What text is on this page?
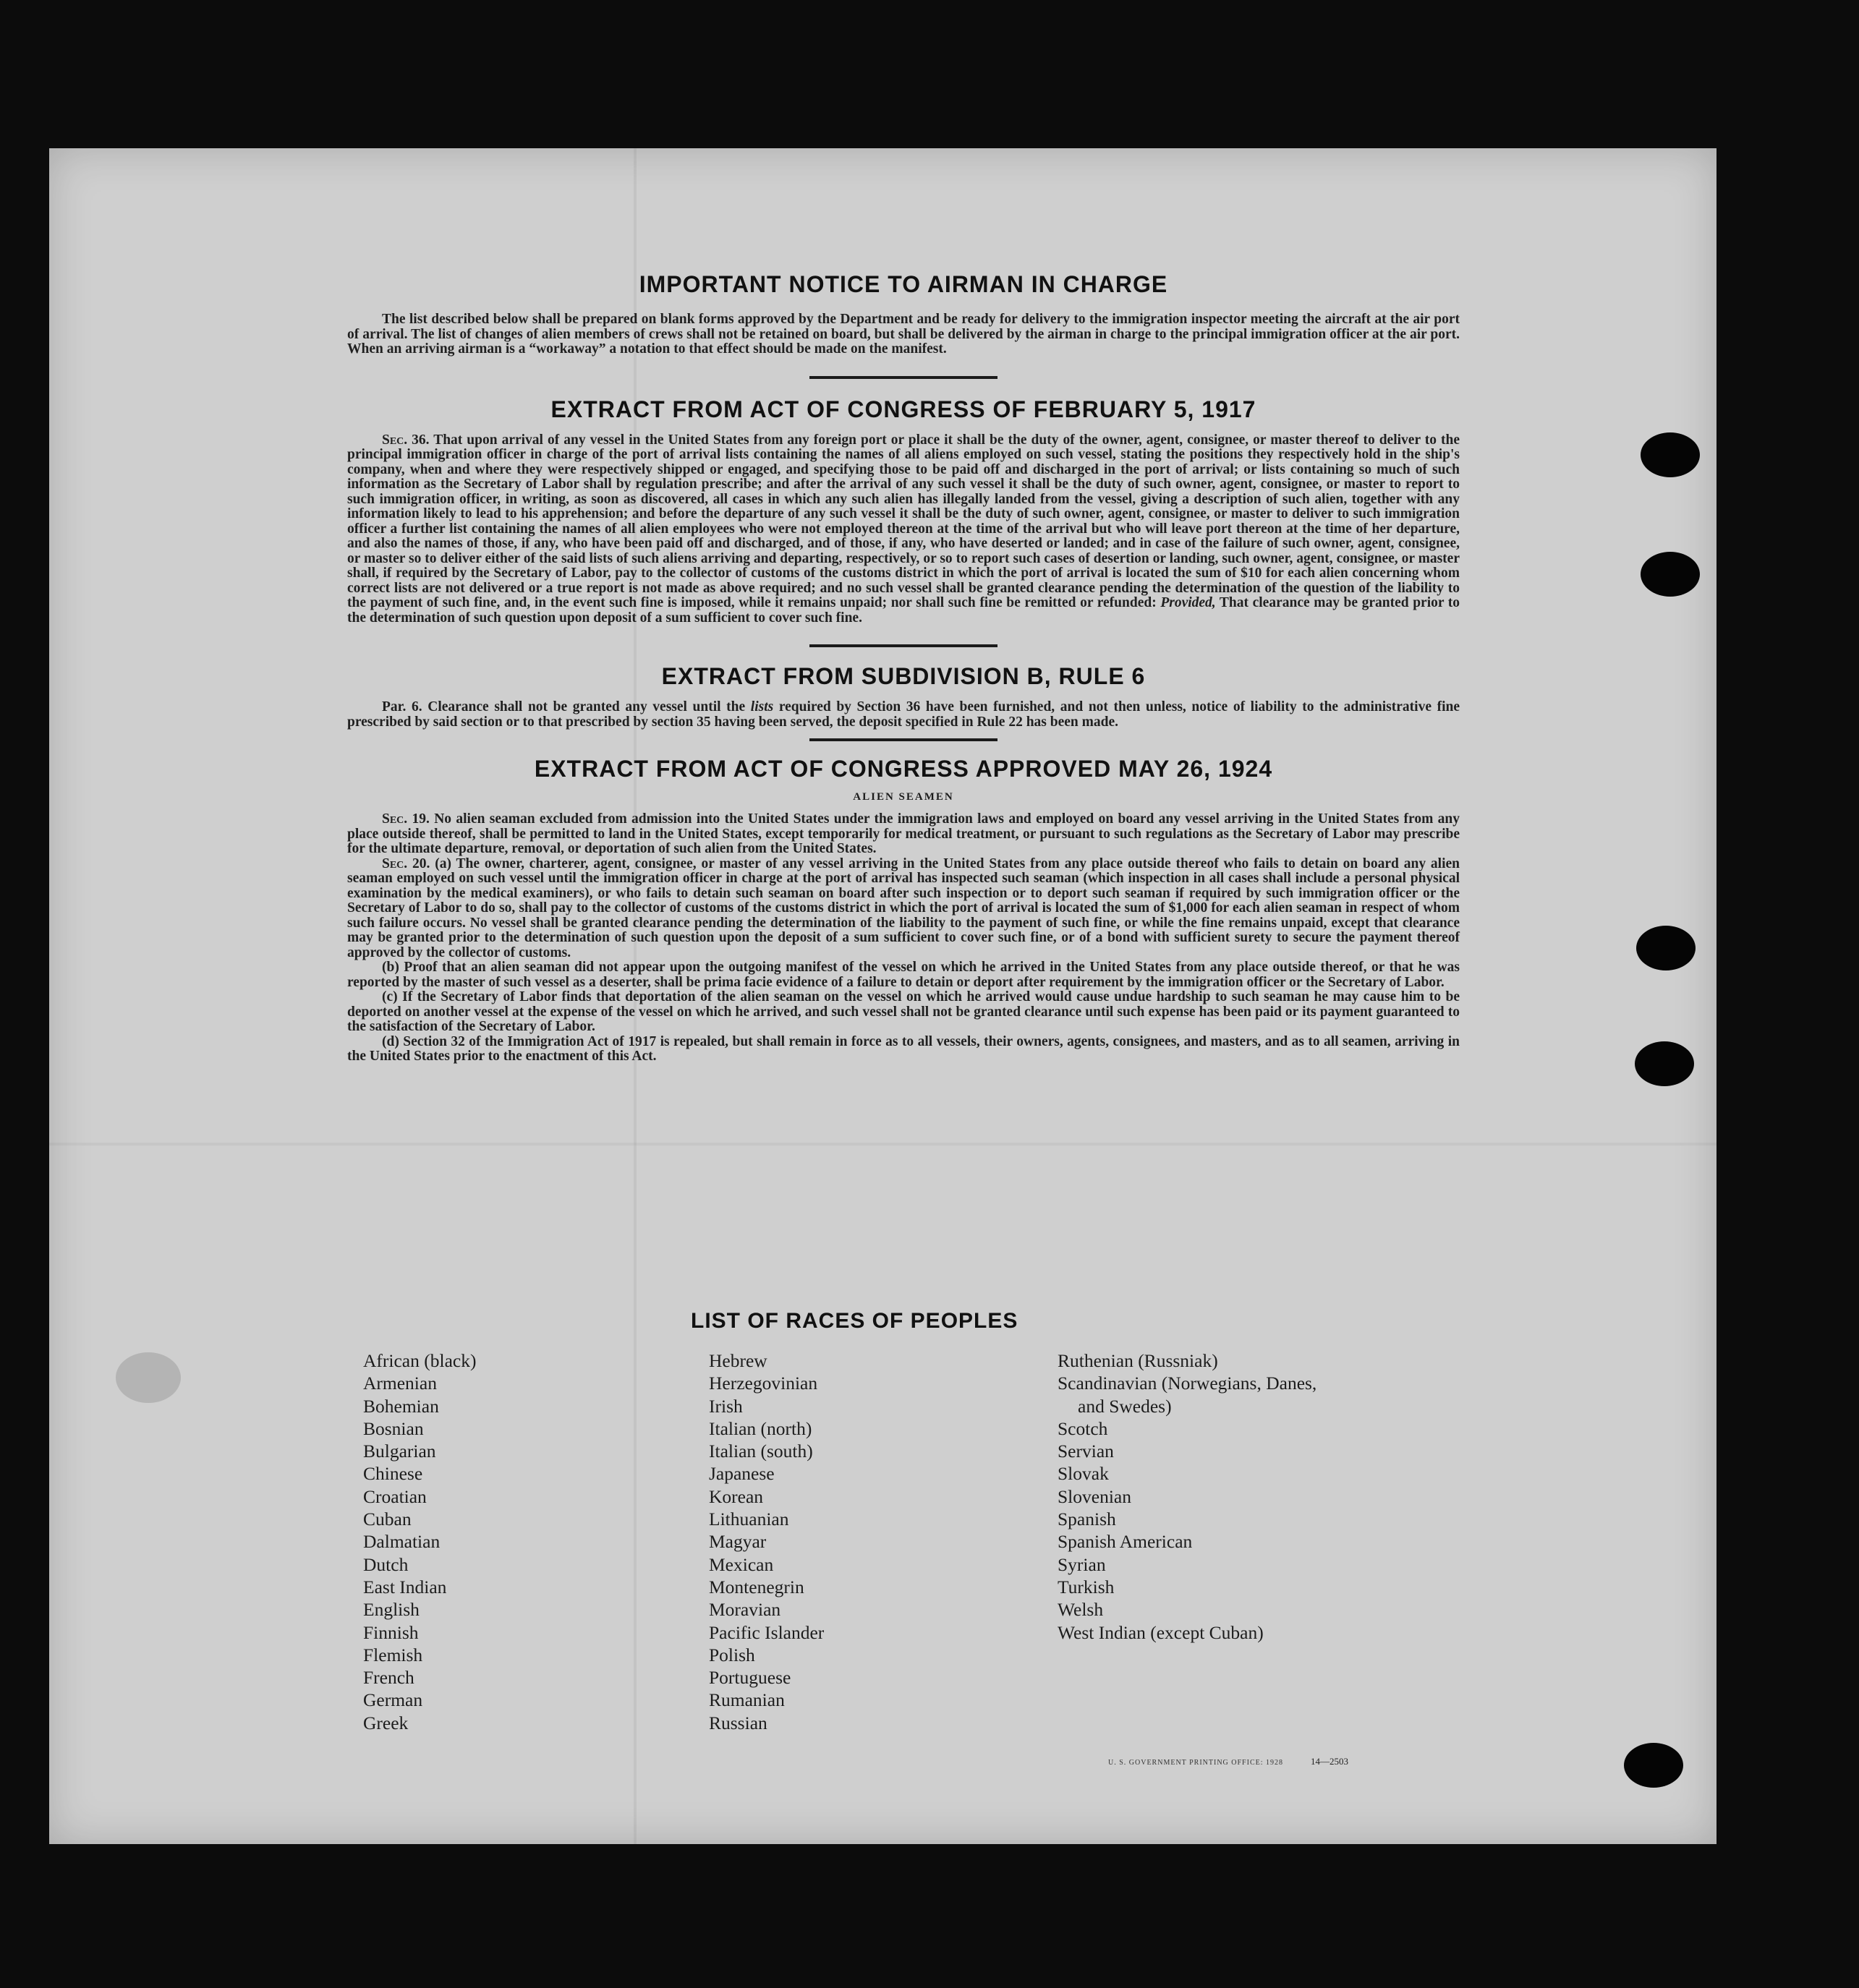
IMPORTANT NOTICE TO AIRMAN IN CHARGE

The list described below shall be prepared on blank forms approved by the Department and be ready for delivery to the immigration inspector meeting the aircraft at the air port of arrival. The list of changes of alien members of crews shall not be retained on board, but shall be delivered by the airman in charge to the principal immigration officer at the air port. When an arriving airman is a “workaway” a notation to that effect should be made on the manifest.

EXTRACT FROM ACT OF CONGRESS OF FEBRUARY 5, 1917

Sec. 36. That upon arrival of any vessel in the United States from any foreign port or place it shall be the duty of the owner, agent, consignee, or master thereof to deliver to the principal immigration officer in charge of the port of arrival lists containing the names of all aliens employed on such vessel, stating the positions they respectively hold in the ship's company, when and where they were respectively shipped or engaged, and specifying those to be paid off and discharged in the port of arrival; or lists containing so much of such information as the Secretary of Labor shall by regulation prescribe; and after the arrival of any such vessel it shall be the duty of such owner, agent, consignee, or master to report to such immigration officer, in writing, as soon as discovered, all cases in which any such alien has illegally landed from the vessel, giving a description of such alien, together with any information likely to lead to his apprehension; and before the departure of any such vessel it shall be the duty of such owner, agent, consignee, or master to deliver to such immigration officer a further list containing the names of all alien employees who were not employed thereon at the time of the arrival but who will leave port thereon at the time of her departure, and also the names of those, if any, who have been paid off and discharged, and of those, if any, who have deserted or landed; and in case of the failure of such owner, agent, consignee, or master so to deliver either of the said lists of such aliens arriving and departing, respectively, or so to report such cases of desertion or landing, such owner, agent, consignee, or master shall, if required by the Secretary of Labor, pay to the collector of customs of the customs district in which the port of arrival is located the sum of $10 for each alien concerning whom correct lists are not delivered or a true report is not made as above required; and no such vessel shall be granted clearance pending the determination of the question of the liability to the payment of such fine, and, in the event such fine is imposed, while it remains unpaid; nor shall such fine be remitted or refunded: Provided, That clearance may be granted prior to the determination of such question upon deposit of a sum sufficient to cover such fine.

EXTRACT FROM SUBDIVISION B, RULE 6

Par. 6. Clearance shall not be granted any vessel until the lists required by Section 36 have been furnished, and not then unless, notice of liability to the administrative fine prescribed by said section or to that prescribed by section 35 having been served, the deposit specified in Rule 22 has been made.

EXTRACT FROM ACT OF CONGRESS APPROVED MAY 26, 1924
ALIEN SEAMEN

Sec. 19. No alien seaman excluded from admission into the United States under the immigration laws and employed on board any vessel arriving in the United States from any place outside thereof, shall be permitted to land in the United States, except temporarily for medical treatment, or pursuant to such regulations as the Secretary of Labor may prescribe for the ultimate departure, removal, or deportation of such alien from the United States.

Sec. 20. (a) The owner, charterer, agent, consignee, or master of any vessel arriving in the United States from any place outside thereof who fails to detain on board any alien seaman employed on such vessel until the immigration officer in charge at the port of arrival has inspected such seaman (which inspection in all cases shall include a personal physical examination by the medical examiners), or who fails to detain such seaman on board after such inspection or to deport such seaman if required by such immigration officer or the Secretary of Labor to do so, shall pay to the collector of customs of the customs district in which the port of arrival is located the sum of $1,000 for each alien seaman in respect of whom such failure occurs. No vessel shall be granted clearance pending the determination of the liability to the payment of such fine, or while the fine remains unpaid, except that clearance may be granted prior to the determination of such question upon the deposit of a sum sufficient to cover such fine, or of a bond with sufficient surety to secure the payment thereof approved by the collector of customs.

(b) Proof that an alien seaman did not appear upon the outgoing manifest of the vessel on which he arrived in the United States from any place outside thereof, or that he was reported by the master of such vessel as a deserter, shall be prima facie evidence of a failure to detain or deport after requirement by the immigration officer or the Secretary of Labor.

(c) If the Secretary of Labor finds that deportation of the alien seaman on the vessel on which he arrived would cause undue hardship to such seaman he may cause him to be deported on another vessel at the expense of the vessel on which he arrived, and such vessel shall not be granted clearance until such expense has been paid or its payment guaranteed to the satisfaction of the Secretary of Labor.

(d) Section 32 of the Immigration Act of 1917 is repealed, but shall remain in force as to all vessels, their owners, agents, consignees, and masters, and as to all seamen, arriving in the United States prior to the enactment of this Act.

LIST OF RACES OF PEOPLES
African (black)
Armenian
Bohemian
Bosnian
Bulgarian
Chinese
Croatian
Cuban
Dalmatian
Dutch
East Indian
English
Finnish
Flemish
French
German
Greek
Hebrew
Herzegovinian
Irish
Italian (north)
Italian (south)
Japanese
Korean
Lithuanian
Magyar
Mexican
Montenegrin
Moravian
Pacific Islander
Polish
Portuguese
Rumanian
Russian
Ruthenian (Russniak)
Scandinavian (Norwegians, Danes,
and Swedes)
Scotch
Servian
Slovak
Slovenian
Spanish
Spanish American
Syrian
Turkish
Welsh
West Indian (except Cuban)
U. S. GOVERNMENT PRINTING OFFICE: 1928	14—2503
